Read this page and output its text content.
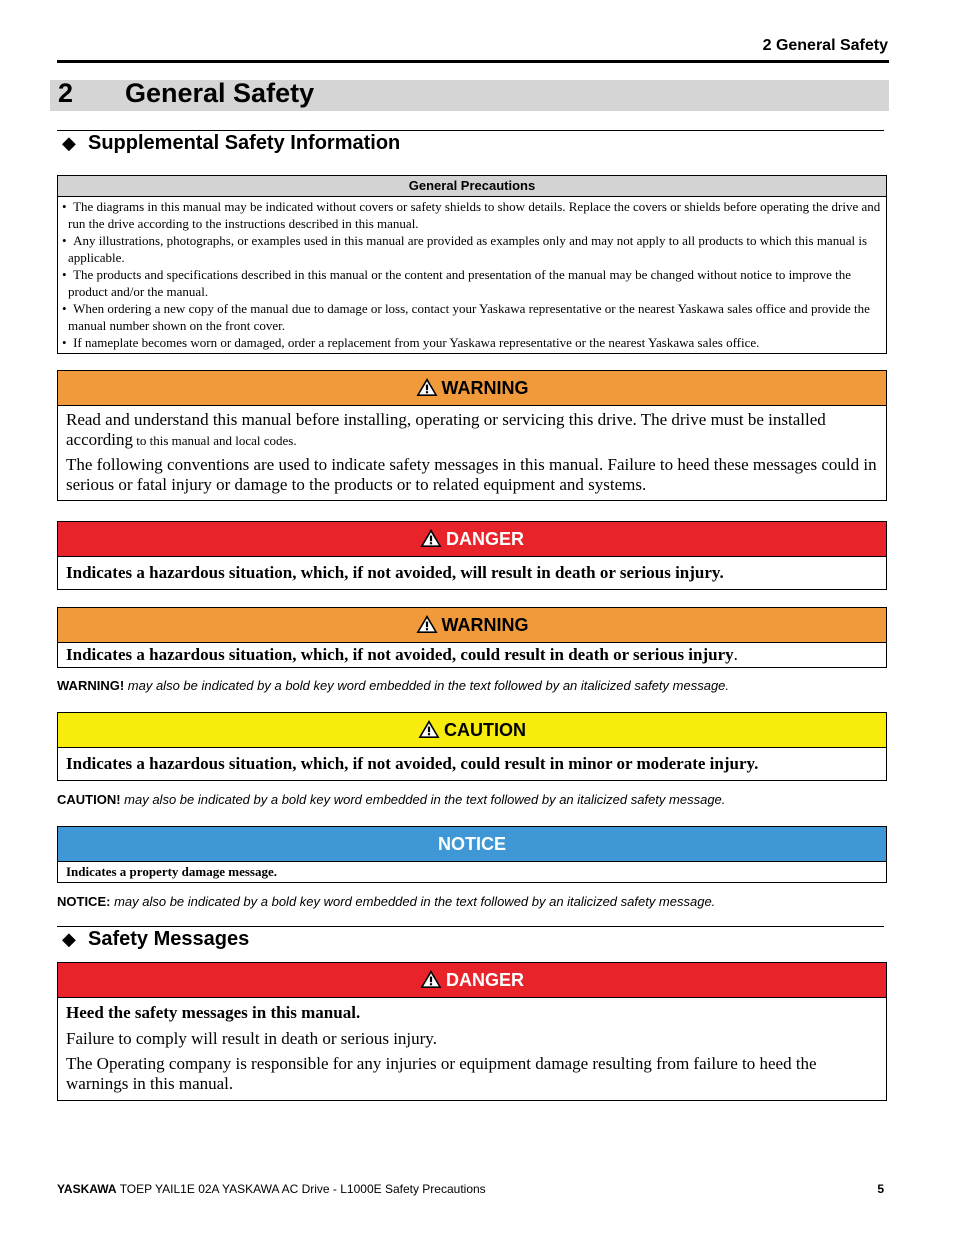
2 General Safety
2 General Safety
◆ Supplemental Safety Information
General Precautions
•  The diagrams in this manual may be indicated without covers or safety shields to show details. Replace the covers or shields before operating the drive and run the drive according to the instructions described in this manual.
•  Any illustrations, photographs, or examples used in this manual are provided as examples only and may not apply to all products to which this manual is applicable.
•  The products and specifications described in this manual or the content and presentation of the manual may be changed without notice to improve the product and/or the manual.
•  When ordering a new copy of the manual due to damage or loss, contact your Yaskawa representative or the nearest Yaskawa sales office and provide the manual number shown on the front cover.
•  If nameplate becomes worn or damaged, order a replacement from your Yaskawa representative or the nearest Yaskawa sales office.
WARNING

Read and understand this manual before installing, operating or servicing this drive. The drive must be installed according to this manual and local codes.

The following conventions are used to indicate safety messages in this manual. Failure to heed these messages could in serious or fatal injury or damage to the products or to related equipment and systems.

DANGER

Indicates a hazardous situation, which, if not avoided, will result in death or serious injury.

WARNING

Indicates a hazardous situation, which, if not avoided, could result in death or serious injury.

WARNING! may also be indicated by a bold key word embedded in the text followed by an italicized safety message.
CAUTION

Indicates a hazardous situation, which, if not avoided, could result in minor or moderate injury.

CAUTION! may also be indicated by a bold key word embedded in the text followed by an italicized safety message.
NOTICE

Indicates a property damage message.

NOTICE: may also be indicated by a bold key word embedded in the text followed by an italicized safety message.
◆ Safety Messages
DANGER

Heed the safety messages in this manual.

Failure to comply will result in death or serious injury.

The Operating company is responsible for any injuries or equipment damage resulting from failure to heed the warnings in this manual.

YASKAWA TOEP YAIL1E 02A YASKAWA AC Drive - L1000E Safety Precautions	5
